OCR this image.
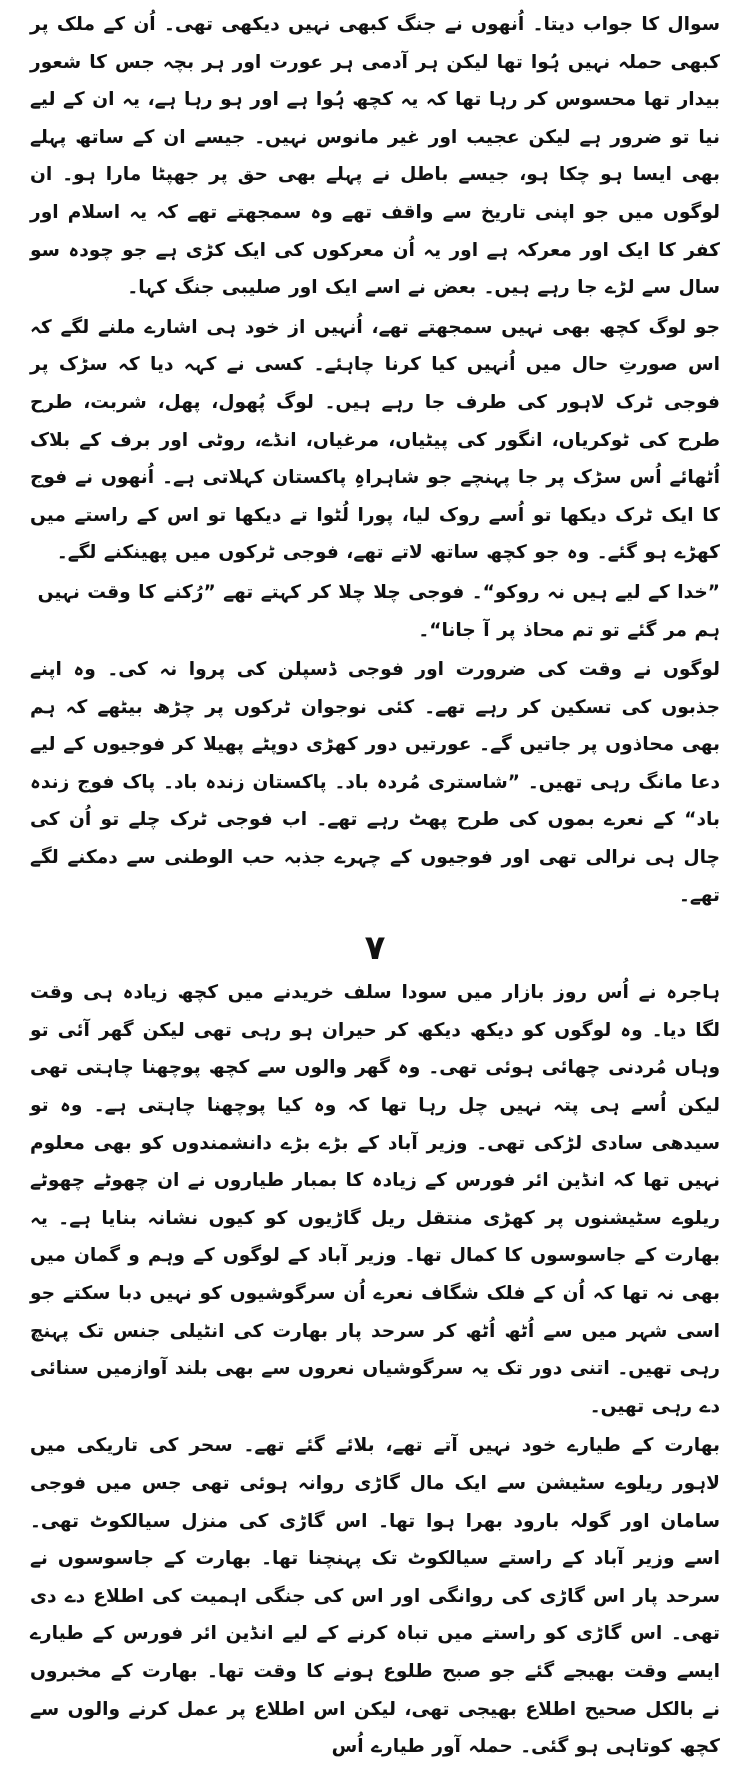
سوال کا جواب دیتا۔ اُنھوں نے جنگ کبھی نہیں دیکھی تھی۔ اُن کے ملک پر کبھی حملہ نہیں ہُوا تھا لیکن ہر آدمی ہر عورت اور ہر بچہ جس کا شعور بیدار تھا محسوس کر رہا تھا کہ یہ کچھ ہُوا ہے اور ہو رہا ہے، یہ ان کے لیے نیا تو ضرور ہے لیکن عجیب اور غیر مانوس نہیں۔ جیسے ان کے ساتھ پہلے بھی ایسا ہو چکا ہو، جیسے باطل نے پہلے بھی حق پر جھپٹا مارا ہو۔ ان لوگوں میں جو اپنی تاریخ سے واقف تھے وہ سمجھتے تھے کہ یہ اسلام اور کفر کا ایک اور معرکہ ہے اور یہ اُن معرکوں کی ایک کڑی ہے جو چودہ سو سال سے لڑے جا رہے ہیں۔ بعض نے اسے ایک اور صلیبی جنگ کہا۔

جو لوگ کچھ بھی نہیں سمجھتے تھے، اُنہیں از خود ہی اشارے ملنے لگے کہ اس صورتِ حال میں اُنہیں کیا کرنا چاہئے۔ کسی نے کہہ دیا کہ سڑک پر فوجی ٹرک لاہور کی طرف جا رہے ہیں۔ لوگ پُھول، پھل، شربت، طرح طرح کی ٹوکریاں، انگور کی پیٹیاں، مرغیاں، انڈے، روٹی اور برف کے بلاک اُٹھائے اُس سڑک پر جا پہنچے جو شاہراہِ پاکستان کہلاتی ہے۔ اُنھوں نے فوج کا ایک ٹرک دیکھا تو اُسے روک لیا، پورا لُٹوا تے دیکھا تو اس کے راستے میں کھڑے ہو گئے۔ وہ جو کچھ ساتھ لاتے تھے، فوجی ٹرکوں میں پھینکنے لگے۔

”خدا کے لیے ہیں نہ روکو“۔ فوجی چلا چلا کر کہتے تھے ”رُکنے کا وقت نہیں ہم مر گئے تو تم محاذ پر آ جانا“۔

لوگوں نے وقت کی ضرورت اور فوجی ڈسپلن کی پروا نہ کی۔ وہ اپنے جذبوں کی تسکین کر رہے تھے۔ کئی نوجوان ٹرکوں پر چڑھ بیٹھے کہ ہم بھی محاذوں پر جاتیں گے۔ عورتیں دور کھڑی دوپٹے پھیلا کر فوجیوں کے لیے دعا مانگ رہی تھیں۔ ”شاستری مُردہ باد۔ پاکستان زندہ باد۔ پاک فوج زندہ باد“ کے نعرے بموں کی طرح پھٹ رہے تھے۔ اب فوجی ٹرک چلے تو اُن کی چال ہی نرالی تھی اور فوجیوں کے چہرے جذبہ حب الوطنی سے دمکنے لگے تھے۔

۷

ہاجرہ نے اُس روز بازار میں سودا سلف خریدنے میں کچھ زیادہ ہی وقت لگا دیا۔ وہ لوگوں کو دیکھ دیکھ کر حیران ہو رہی تھی لیکن گھر آئی تو وہاں مُردنی چھائی ہوئی تھی۔ وہ گھر والوں سے کچھ پوچھنا چاہتی تھی لیکن اُسے ہی پتہ نہیں چل رہا تھا کہ وہ کیا پوچھنا چاہتی ہے۔ وہ تو سیدھی سادی لڑکی تھی۔ وزیر آباد کے بڑے بڑے دانشمندوں کو بھی معلوم نہیں تھا کہ انڈین ائر فورس کے زیادہ کا بمبار طیاروں نے ان چھوٹے چھوٹے ریلوے سٹیشنوں پر کھڑی منتقل ریل گاڑیوں کو کیوں نشانہ بنایا ہے۔ یہ بھارت کے جاسوسوں کا کمال تھا۔ وزیر آباد کے لوگوں کے وہم و گمان میں بھی نہ تھا کہ اُن کے فلک شگاف نعرے اُن سرگوشیوں کو نہیں دبا سکتے جو اسی شہر میں سے اُٹھ اُٹھ کر سرحد پار بھارت کی انٹیلی جنس تک پہنچ رہی تھیں۔ اتنی دور تک یہ سرگوشیاں نعروں سے بھی بلند آوازمیں سنائی دے رہی تھیں۔

بھارت کے طیارے خود نہیں آتے تھے، بلائے گئے تھے۔ سحر کی تاریکی میں لاہور ریلوے سٹیشن سے ایک مال گاڑی روانہ ہوئی تھی جس میں فوجی سامان اور گولہ بارود بھرا ہوا تھا۔ اس گاڑی کی منزل سیالکوٹ تھی۔ اسے وزیر آباد کے راستے سیالکوٹ تک پہنچنا تھا۔ بھارت کے جاسوسوں نے سرحد پار اس گاڑی کی روانگی اور اس کی جنگی اہمیت کی اطلاع دے دی تھی۔ اس گاڑی کو راستے میں تباہ کرنے کے لیے انڈین ائر فورس کے طیارے ایسے وقت بھیجے گئے جو صبح طلوع ہونے کا وقت تھا۔ بھارت کے مخبروں نے بالکل صحیح اطلاع بھیجی تھی، لیکن اس اطلاع پر عمل کرنے والوں سے کچھ کوتاہی ہو گئی۔ حملہ آور طیارے اُس
